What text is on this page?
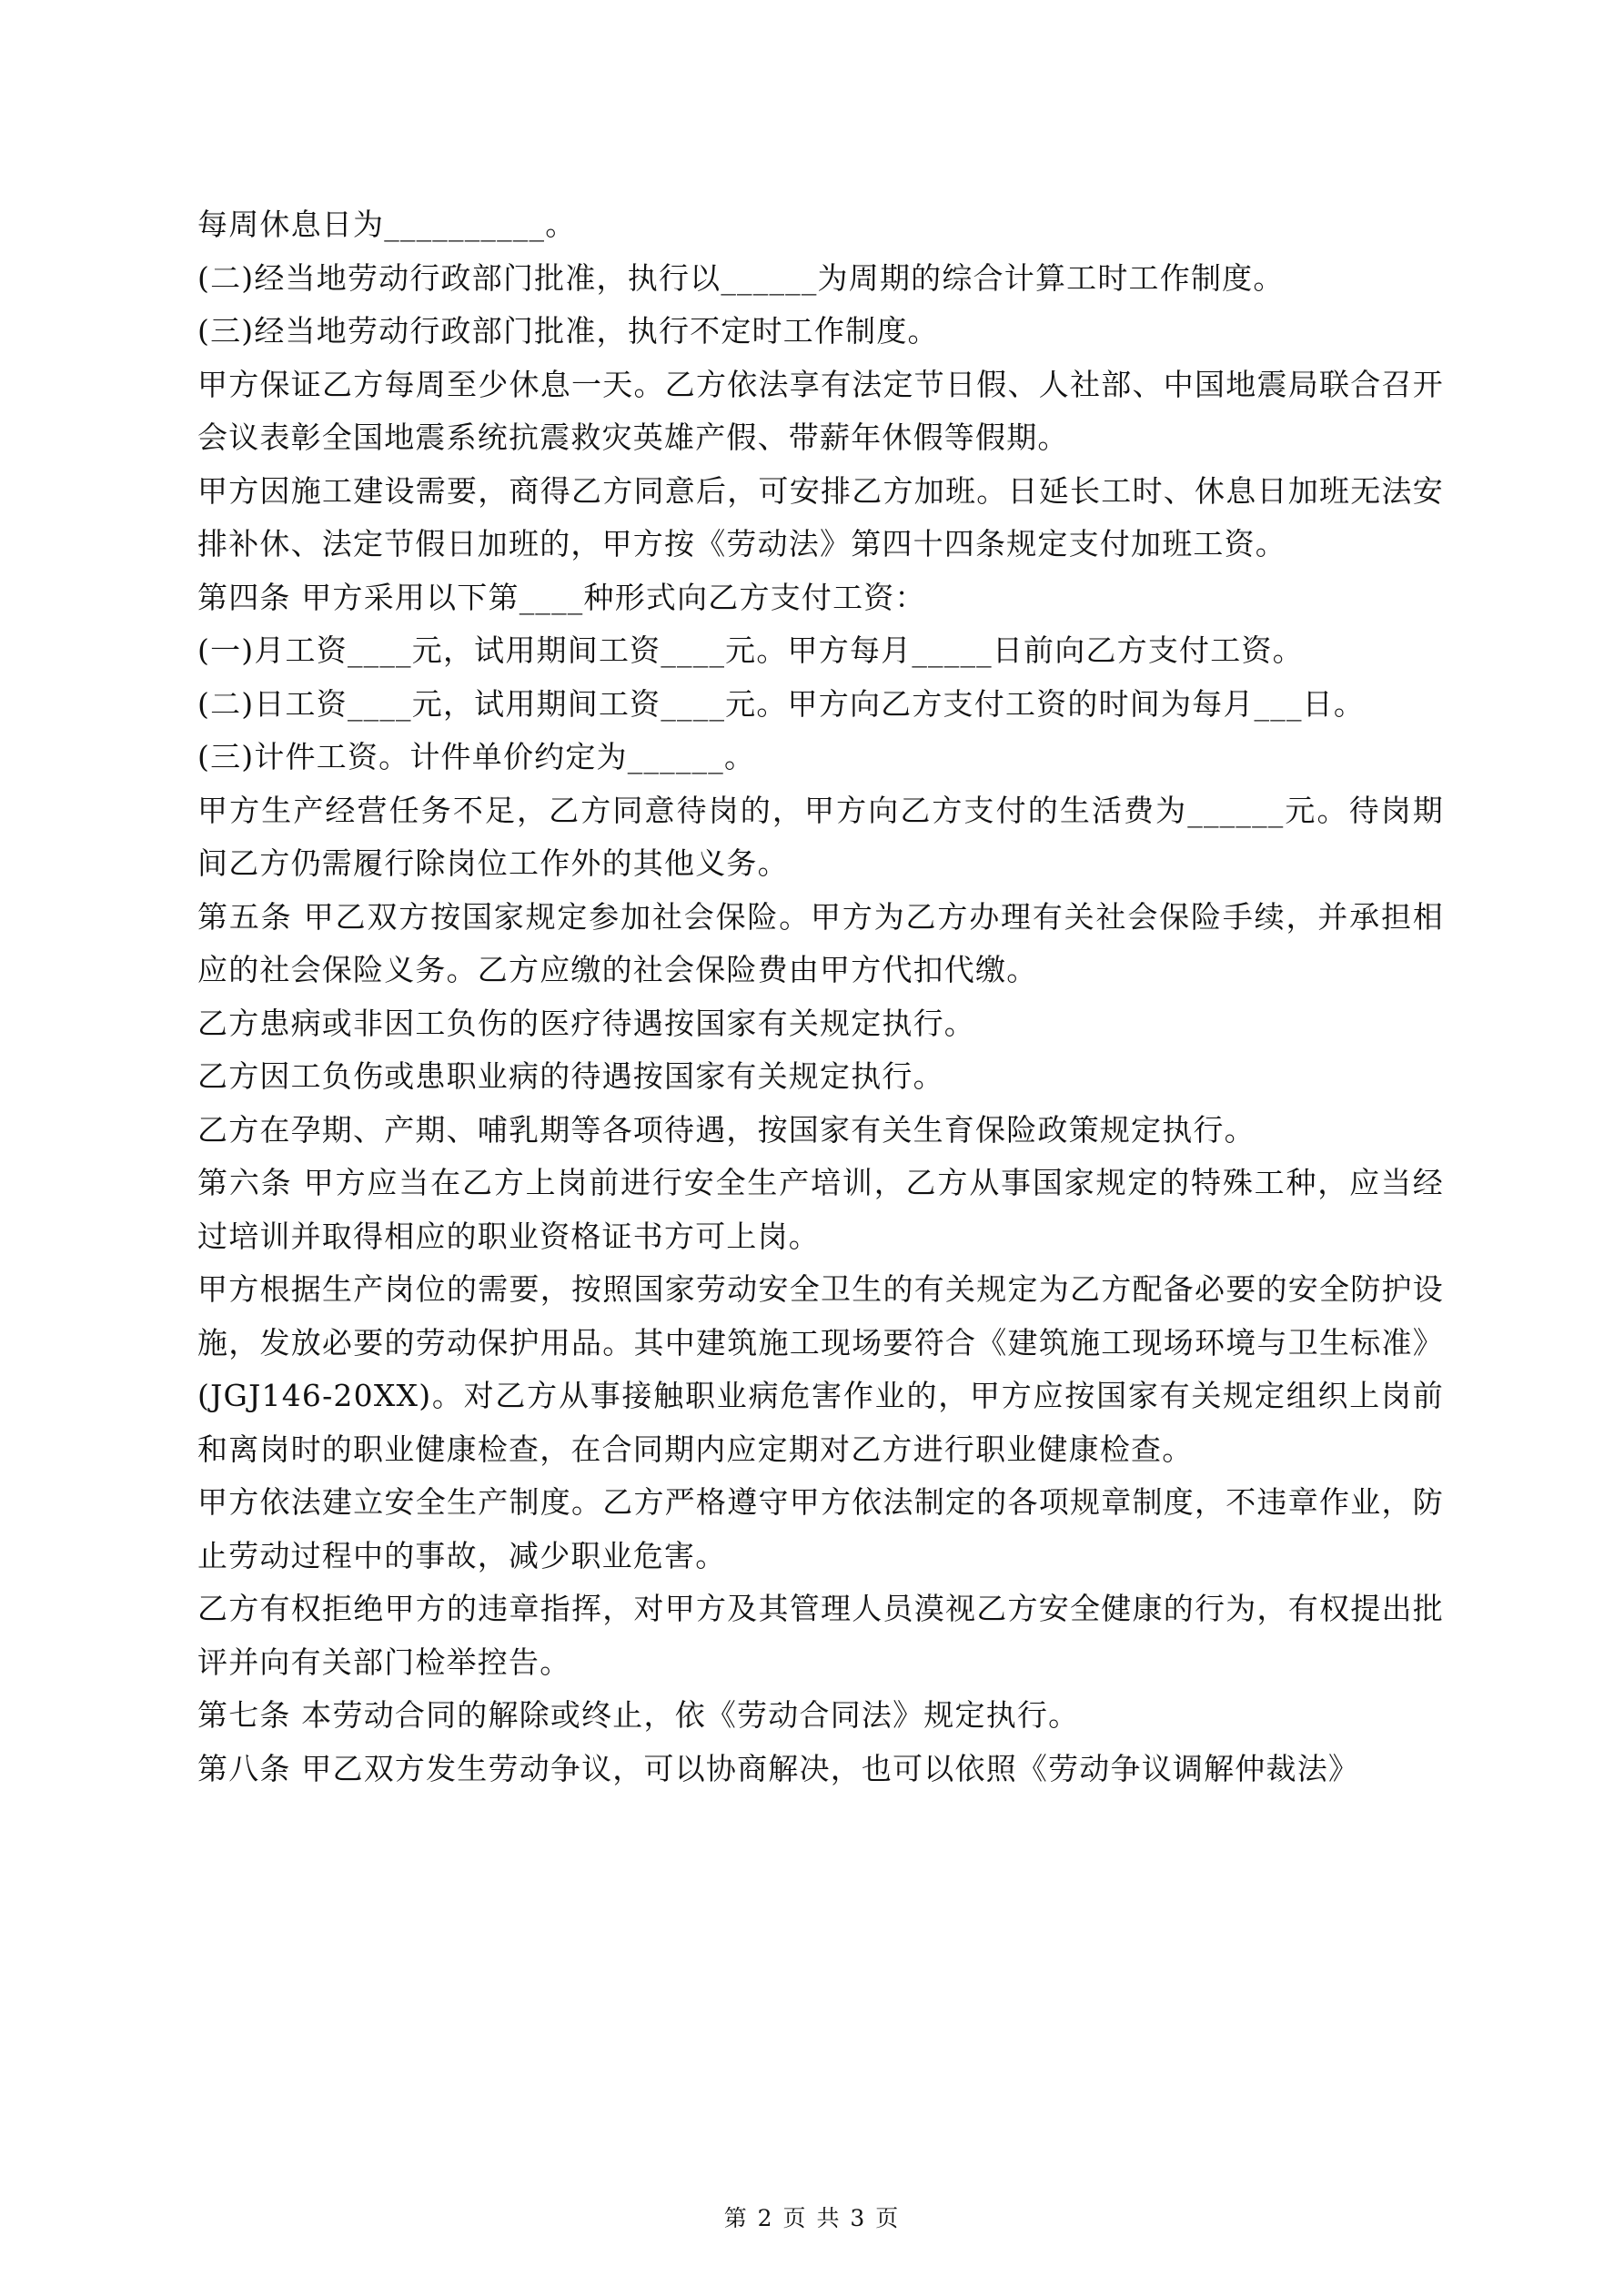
每周休息日为__________。

(二)经当地劳动行政部门批准，执行以______为周期的综合计算工时工作制度。

(三)经当地劳动行政部门批准，执行不定时工作制度。

甲方保证乙方每周至少休息一天。乙方依法享有法定节日假、人社部、中国地震局联合召开会议表彰全国地震系统抗震救灾英雄产假、带薪年休假等假期。

甲方因施工建设需要，商得乙方同意后，可安排乙方加班。日延长工时、休息日加班无法安排补休、法定节假日加班的，甲方按《劳动法》第四十四条规定支付加班工资。

第四条 甲方采用以下第____种形式向乙方支付工资：

(一)月工资____元，试用期间工资____元。甲方每月_____日前向乙方支付工资。

(二)日工资____元，试用期间工资____元。甲方向乙方支付工资的时间为每月___日。

(三)计件工资。计件单价约定为______。

甲方生产经营任务不足，乙方同意待岗的，甲方向乙方支付的生活费为______元。待岗期间乙方仍需履行除岗位工作外的其他义务。

第五条 甲乙双方按国家规定参加社会保险。甲方为乙方办理有关社会保险手续，并承担相应的社会保险义务。乙方应缴的社会保险费由甲方代扣代缴。

乙方患病或非因工负伤的医疗待遇按国家有关规定执行。

乙方因工负伤或患职业病的待遇按国家有关规定执行。

乙方在孕期、产期、哺乳期等各项待遇，按国家有关生育保险政策规定执行。

第六条 甲方应当在乙方上岗前进行安全生产培训，乙方从事国家规定的特殊工种，应当经过培训并取得相应的职业资格证书方可上岗。

甲方根据生产岗位的需要，按照国家劳动安全卫生的有关规定为乙方配备必要的安全防护设施，发放必要的劳动保护用品。其中建筑施工现场要符合《建筑施工现场环境与卫生标准》(JGJ146-20XX)。对乙方从事接触职业病危害作业的，甲方应按国家有关规定组织上岗前和离岗时的职业健康检查，在合同期内应定期对乙方进行职业健康检查。

甲方依法建立安全生产制度。乙方严格遵守甲方依法制定的各项规章制度，不违章作业，防止劳动过程中的事故，减少职业危害。

乙方有权拒绝甲方的违章指挥，对甲方及其管理人员漠视乙方安全健康的行为，有权提出批评并向有关部门检举控告。

第七条 本劳动合同的解除或终止，依《劳动合同法》规定执行。

第八条 甲乙双方发生劳动争议，可以协商解决，也可以依照《劳动争议调解仲裁法》

第 2 页 共 3 页
